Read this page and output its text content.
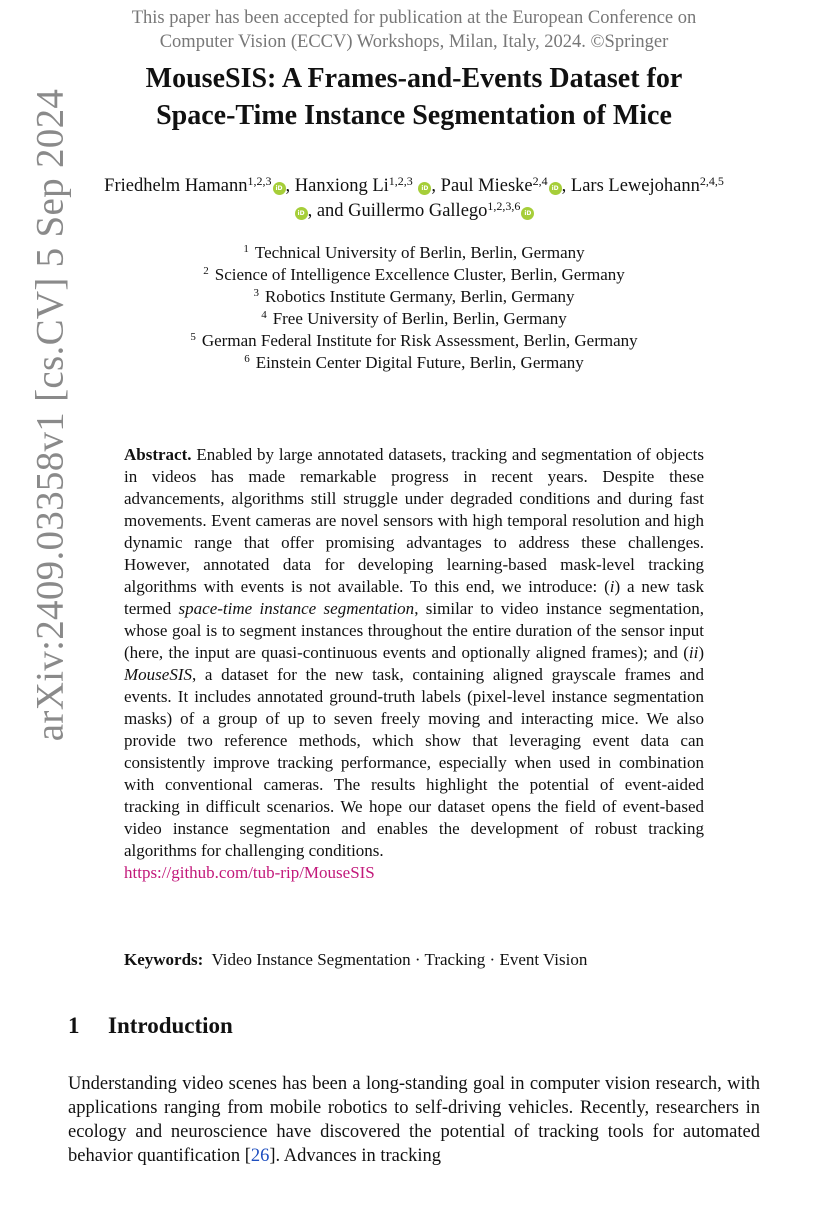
arXiv:2409.03358v1 [cs.CV] 5 Sep 2024
This paper has been accepted for publication at the European Conference on
Computer Vision (ECCV) Workshops, Milan, Italy, 2024. ©Springer
MouseSIS: A Frames-and-Events Dataset for
Space-Time Instance Segmentation of Mice
Friedhelm Hamann$^{1,2,3}$iD , Hanxiong Li$^{1,2,3}$ iD , Paul Mieske$^{2,4}$iD , Lars Lewejohann$^{2,4,5}$iD , and Guillermo Gallego$^{1,2,3,6}$iD
$^1$ Technical University of Berlin, Berlin, Germany
$^2$ Science of Intelligence Excellence Cluster, Berlin, Germany
$^3$ Robotics Institute Germany, Berlin, Germany
$^4$ Free University of Berlin, Berlin, Germany
$^5$ German Federal Institute for Risk Assessment, Berlin, Germany
$^6$ Einstein Center Digital Future, Berlin, Germany
Abstract. Enabled by large annotated datasets, tracking and segmentation of objects in videos has made remarkable progress in recent years. Despite these advancements, algorithms still struggle under degraded conditions and during fast movements. Event cameras are novel sensors with high temporal resolution and high dynamic range that offer promising advantages to address these challenges. However, annotated data for developing learning-based mask-level tracking algorithms with events is not available. To this end, we introduce: (i) a new task termed space-time instance segmentation, similar to video instance segmentation, whose goal is to segment instances throughout the entire duration of the sensor input (here, the input are quasi-continuous events and optionally aligned frames); and (ii) MouseSIS, a dataset for the new task, containing aligned grayscale frames and events. It includes annotated ground-truth labels (pixel-level instance segmentation masks) of a group of up to seven freely moving and interacting mice. We also provide two reference methods, which show that leveraging event data can consistently improve tracking performance, especially when used in combination with conventional cameras. The results highlight the potential of event-aided tracking in difficult scenarios. We hope our dataset opens the field of event-based video instance segmentation and enables the development of robust tracking algorithms for challenging conditions.
https://github.com/tub-rip/MouseSIS
Keywords: Video Instance Segmentation · Tracking · Event Vision
1 Introduction
Understanding video scenes has been a long-standing goal in computer vision research, with applications ranging from mobile robotics to self-driving vehicles. Recently, researchers in ecology and neuroscience have discovered the potential of tracking tools for automated behavior quantification [26]. Advances in tracking
